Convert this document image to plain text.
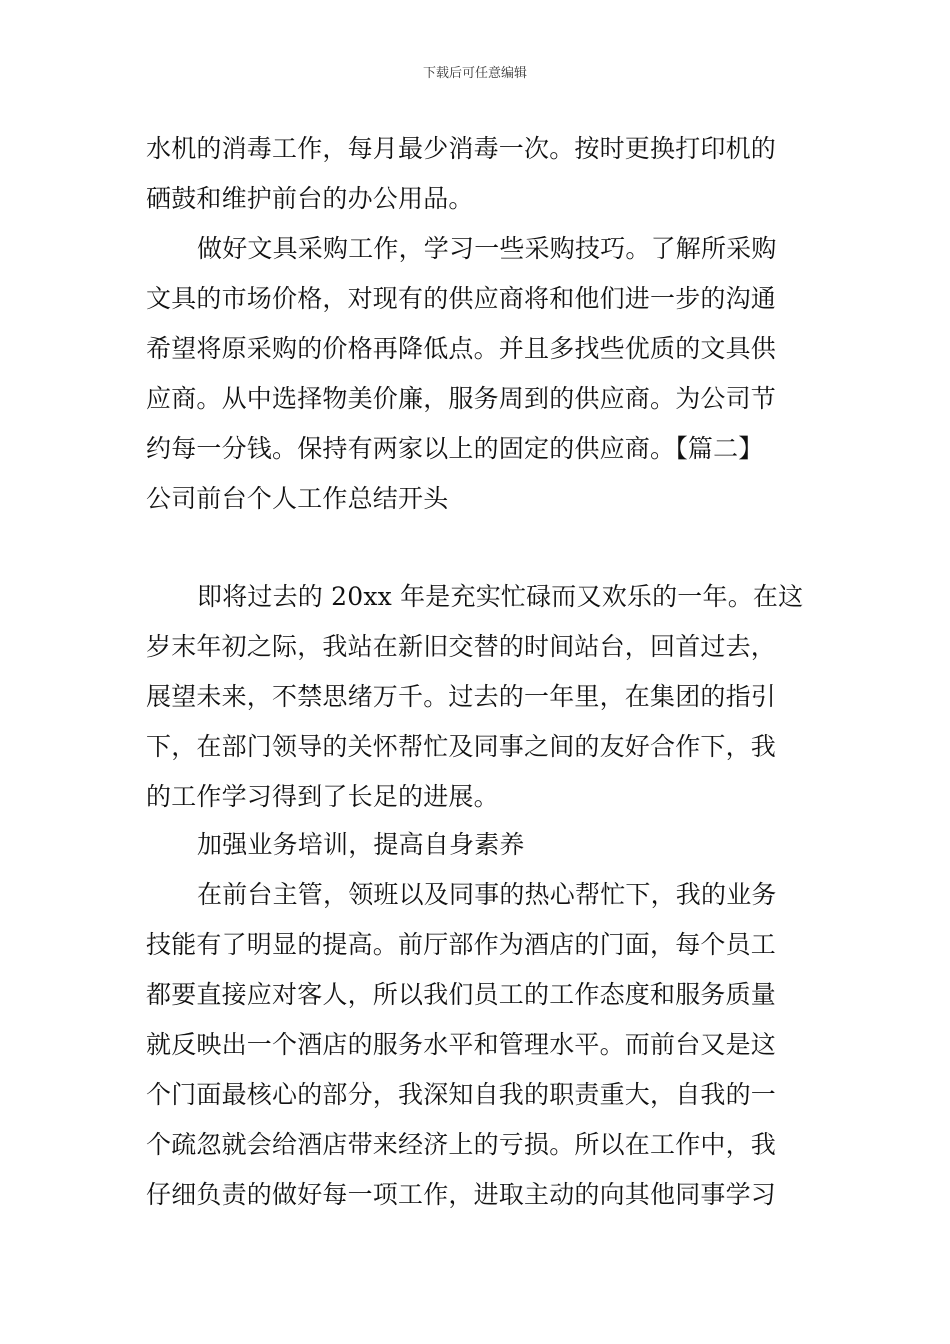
下载后可任意编辑
水机的消毒工作，每月最少消毒一次。按时更换打印机的
硒鼓和维护前台的办公用品。
做好文具采购工作，学习一些采购技巧。了解所采购
文具的市场价格，对现有的供应商将和他们进一步的沟通
希望将原采购的价格再降低点。并且多找些优质的文具供
应商。从中选择物美价廉，服务周到的供应商。为公司节
约每一分钱。保持有两家以上的固定的供应商。【篇二】
公司前台个人工作总结开头
即将过去的 20xx 年是充实忙碌而又欢乐的一年。在这
岁末年初之际，我站在新旧交替的时间站台，回首过去，
展望未来，不禁思绪万千。过去的一年里，在集团的指引
下，在部门领导的关怀帮忙及同事之间的友好合作下，我
的工作学习得到了长足的进展。
加强业务培训，提高自身素养
在前台主管，领班以及同事的热心帮忙下，我的业务
技能有了明显的提高。前厅部作为酒店的门面，每个员工
都要直接应对客人，所以我们员工的工作态度和服务质量
就反映出一个酒店的服务水平和管理水平。而前台又是这
个门面最核心的部分，我深知自我的职责重大，自我的一
个疏忽就会给酒店带来经济上的亏损。所以在工作中，我
仔细负责的做好每一项工作，进取主动的向其他同事学习
